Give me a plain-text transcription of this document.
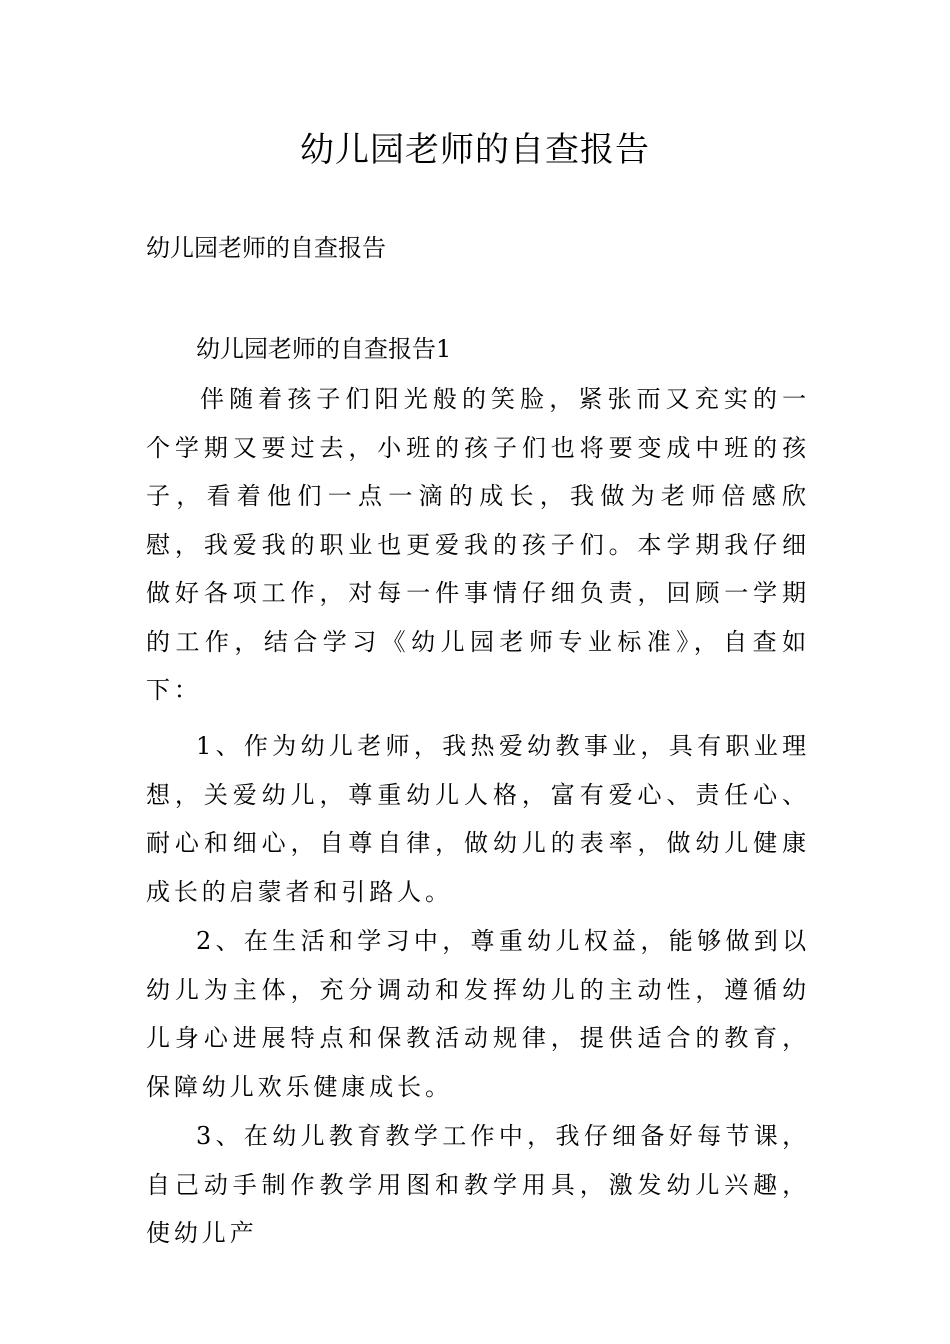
幼儿园老师的自查报告
幼儿园老师的自查报告
幼儿园老师的自查报告1
伴随着孩子们阳光般的笑脸，紧张而又充实的一个学期又要过去，小班的孩子们也将要变成中班的孩子，看着他们一点一滴的成长，我做为老师倍感欣慰，我爱我的职业也更爱我的孩子们。本学期我仔细做好各项工作，对每一件事情仔细负责，回顾一学期的工作，结合学习《幼儿园老师专业标准》，自查如下：
1、作为幼儿老师，我热爱幼教事业，具有职业理想，关爱幼儿，尊重幼儿人格，富有爱心、责任心、耐心和细心，自尊自律，做幼儿的表率，做幼儿健康成长的启蒙者和引路人。
2、在生活和学习中，尊重幼儿权益，能够做到以幼儿为主体，充分调动和发挥幼儿的主动性，遵循幼儿身心进展特点和保教活动规律，提供适合的教育，保障幼儿欢乐健康成长。
3、在幼儿教育教学工作中，我仔细备好每节课，自己动手制作教学用图和教学用具，激发幼儿兴趣，使幼儿产
